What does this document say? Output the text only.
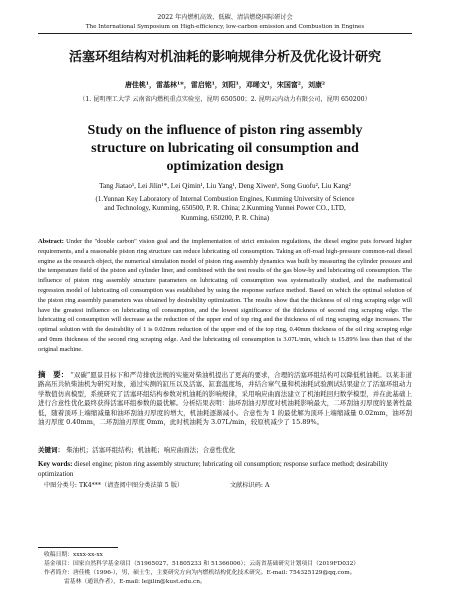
2022 年内燃机高效、低碳、清洁燃烧国际研讨会
The International Symposium on High-efficiency, low-carbon emission and Combustion in Engines
活塞环组结构对机油耗的影响规律分析及优化设计研究
唐佳桃¹，雷基林¹*，雷启铭¹，刘阳¹，邓晞文¹，宋国富²，刘康²
（1. 昆明理工大学 云南省内燃机重点实验室，昆明 650500；2. 昆明云内动力有限公司，昆明 650200）
Study on the influence of piston ring assembly structure on lubricating oil consumption and optimization design
Tang Jiatao¹, Lei Jilin¹*, Lei Qimin¹, Liu Yang¹, Deng Xiwen¹, Song Guofu², Liu Kang²
(1.Yunnan Key Laboratory of Internal Combustion Engines, Kunming University of Science and Technology, Kunming, 650500, P. R. China; 2.Kunming Yunnei Power CO., LTD, Kunming, 650200, P. R. China)
Abstract: Under the "double carbon" vision goal and the implementation of strict emission regulations, the diesel engine puts forward higher requirements, and a reasonable piston ring structure can reduce lubricating oil consumption. Taking an off-road high-pressure common-rail diesel engine as the research object, the numerical simulation model of piston ring assembly dynamics was built by measuring the cylinder pressure and the temperature field of the piston and cylinder liner, and combined with the test results of the gas blow-by and lubricating oil consumption. The influence of piston ring assembly structure parameters on lubricating oil consumption was systematically studied, and the mathematical regression model of lubricating oil consumption was established by using the response surface method. Based on which the optimal solution of the piston ring assembly parameters was obtained by desirability optimization. The results show that the thickness of oil ring scraping edge will have the greatest influence on lubricating oil consumption, and the lowest significance of the thickness of second ring scraping edge. The lubricating oil consumption will decrease as the reduction of the upper end of top ring and the thickness of oil ring scraping edge increases. The optimal solution with the desirability of 1 is 0.02mm reduction of the upper end of the top ring, 0.40mm thickness of the oil ring scraping edge and 0mm thickness of the second ring scraping edge. And the lubricating oil consumption is 3.07L/min, which is 15.89% less than that of the original machine.
摘　要： “双碳”愿景目标下和严苛排放法规的实施对柴油机提出了更高的要求，合理的活塞环组结构可以降低机油耗。以某非道路高压共轨柴油机为研究对象，通过实测的缸压以及活塞、缸套温度场，并结合窜气量和机油耗试验测试结果建立了活塞环组动力学数值仿真模型，系统研究了活塞环组结构参数对机油耗的影响规律，采用响应曲面法建立了机油耗回归数学模型，并在此基础上进行合意性优化最终获得活塞环组参数的最优解。分析结果表明：油环刮油刃厚度对机油耗影响最大，二环刮油刃厚度的显著性最低，随着顶环上端缩减量和油环刮油刃厚度的增大，机油耗逐渐减小。合意性为 1 的最优解为顶环上端缩减量 0.02mm，油环刮油刃厚度 0.40mm，二环刮油刃厚度 0mm，此时机油耗为 3.07L/min，较原机减少了 15.89%。
关键词： 柴油机；活塞环组结构；机油耗；响应曲面法；合意性优化
Key words: diesel engine; piston ring assembly structure; lubricating oil consumption; response surface method; desirability optimization
中图分类号: TK4***（请查阅中图分类法第 5 版）	文献标识码: A
收稿日期：xxxx-xx-xx
基金项目：国家自然科学基金项目（51965027、51805233 和 51366006）；云南省基础研究计划项目（2019FD032）
作者简介：唐佳桃（1996-），男，硕士生，主要研究方向为内燃机结构优化技术研究。E-mail: 754325129@qq.com。
雷基林（通讯作者），E-mail: leijilin@kust.edu.cn。
